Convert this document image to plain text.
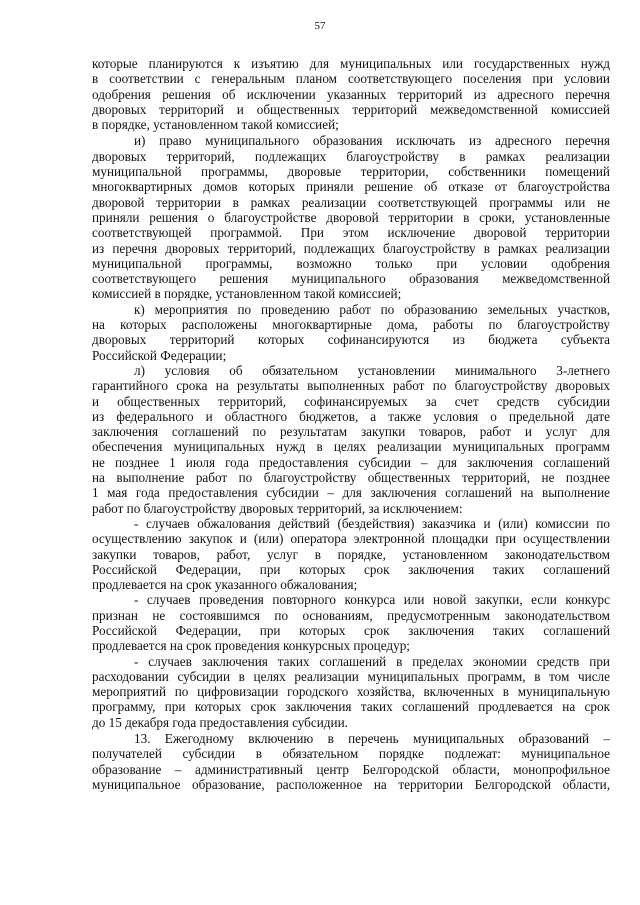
57
которые планируются к изъятию для муниципальных или государственных нужд
в соответствии с генеральным планом соответствующего поселения при условии
одобрения решения об исключении указанных территорий из адресного перечня
дворовых территорий и общественных территорий межведомственной комиссией
в порядке, установленном такой комиссией;
и) право муниципального образования исключать из адресного перечня
дворовых территорий, подлежащих благоустройству в рамках реализации
муниципальной программы, дворовые территории, собственники помещений
многоквартирных домов которых приняли решение об отказе от благоустройства
дворовой территории в рамках реализации соответствующей программы или не
приняли решения о благоустройстве дворовой территории в сроки, установленные
соответствующей программой. При этом исключение дворовой территории
из перечня дворовых территорий, подлежащих благоустройству в рамках реализации
муниципальной программы, возможно только при условии одобрения
соответствующего решения муниципального образования межведомственной
комиссией в порядке, установленном такой комиссией;
к) мероприятия по проведению работ по образованию земельных участков,
на которых расположены многоквартирные дома, работы по благоустройству
дворовых территорий которых софинансируются из бюджета субъекта
Российской Федерации;
л) условия об обязательном установлении минимального 3-летнего
гарантийного срока на результаты выполненных работ по благоустройству дворовых
и общественных территорий, софинансируемых за счет средств субсидии
из федерального и областного бюджетов, а также условия о предельной дате
заключения соглашений по результатам закупки товаров, работ и услуг для
обеспечения муниципальных нужд в целях реализации муниципальных программ
не позднее 1 июля года предоставления субсидии – для заключения соглашений
на выполнение работ по благоустройству общественных территорий, не позднее
1 мая года предоставления субсидии – для заключения соглашений на выполнение
работ по благоустройству дворовых территорий, за исключением:
- случаев обжалования действий (бездействия) заказчика и (или) комиссии по
осуществлению закупок и (или) оператора электронной площадки при осуществлении
закупки товаров, работ, услуг в порядке, установленном законодательством
Российской Федерации, при которых срок заключения таких соглашений
продлевается на срок указанного обжалования;
- случаев проведения повторного конкурса или новой закупки, если конкурс
признан не состоявшимся по основаниям, предусмотренным законодательством
Российской Федерации, при которых срок заключения таких соглашений
продлевается на срок проведения конкурсных процедур;
- случаев заключения таких соглашений в пределах экономии средств при
расходовании субсидии в целях реализации муниципальных программ, в том числе
мероприятий по цифровизации городского хозяйства, включенных в муниципальную
программу, при которых срок заключения таких соглашений продлевается на срок
до 15 декабря года предоставления субсидии.
13. Ежегодному включению в перечень муниципальных образований –
получателей субсидии в обязательном порядке подлежат: муниципальное
образование – административный центр Белгородской области, монопрофильное
муниципальное образование, расположенное на территории Белгородской области,
